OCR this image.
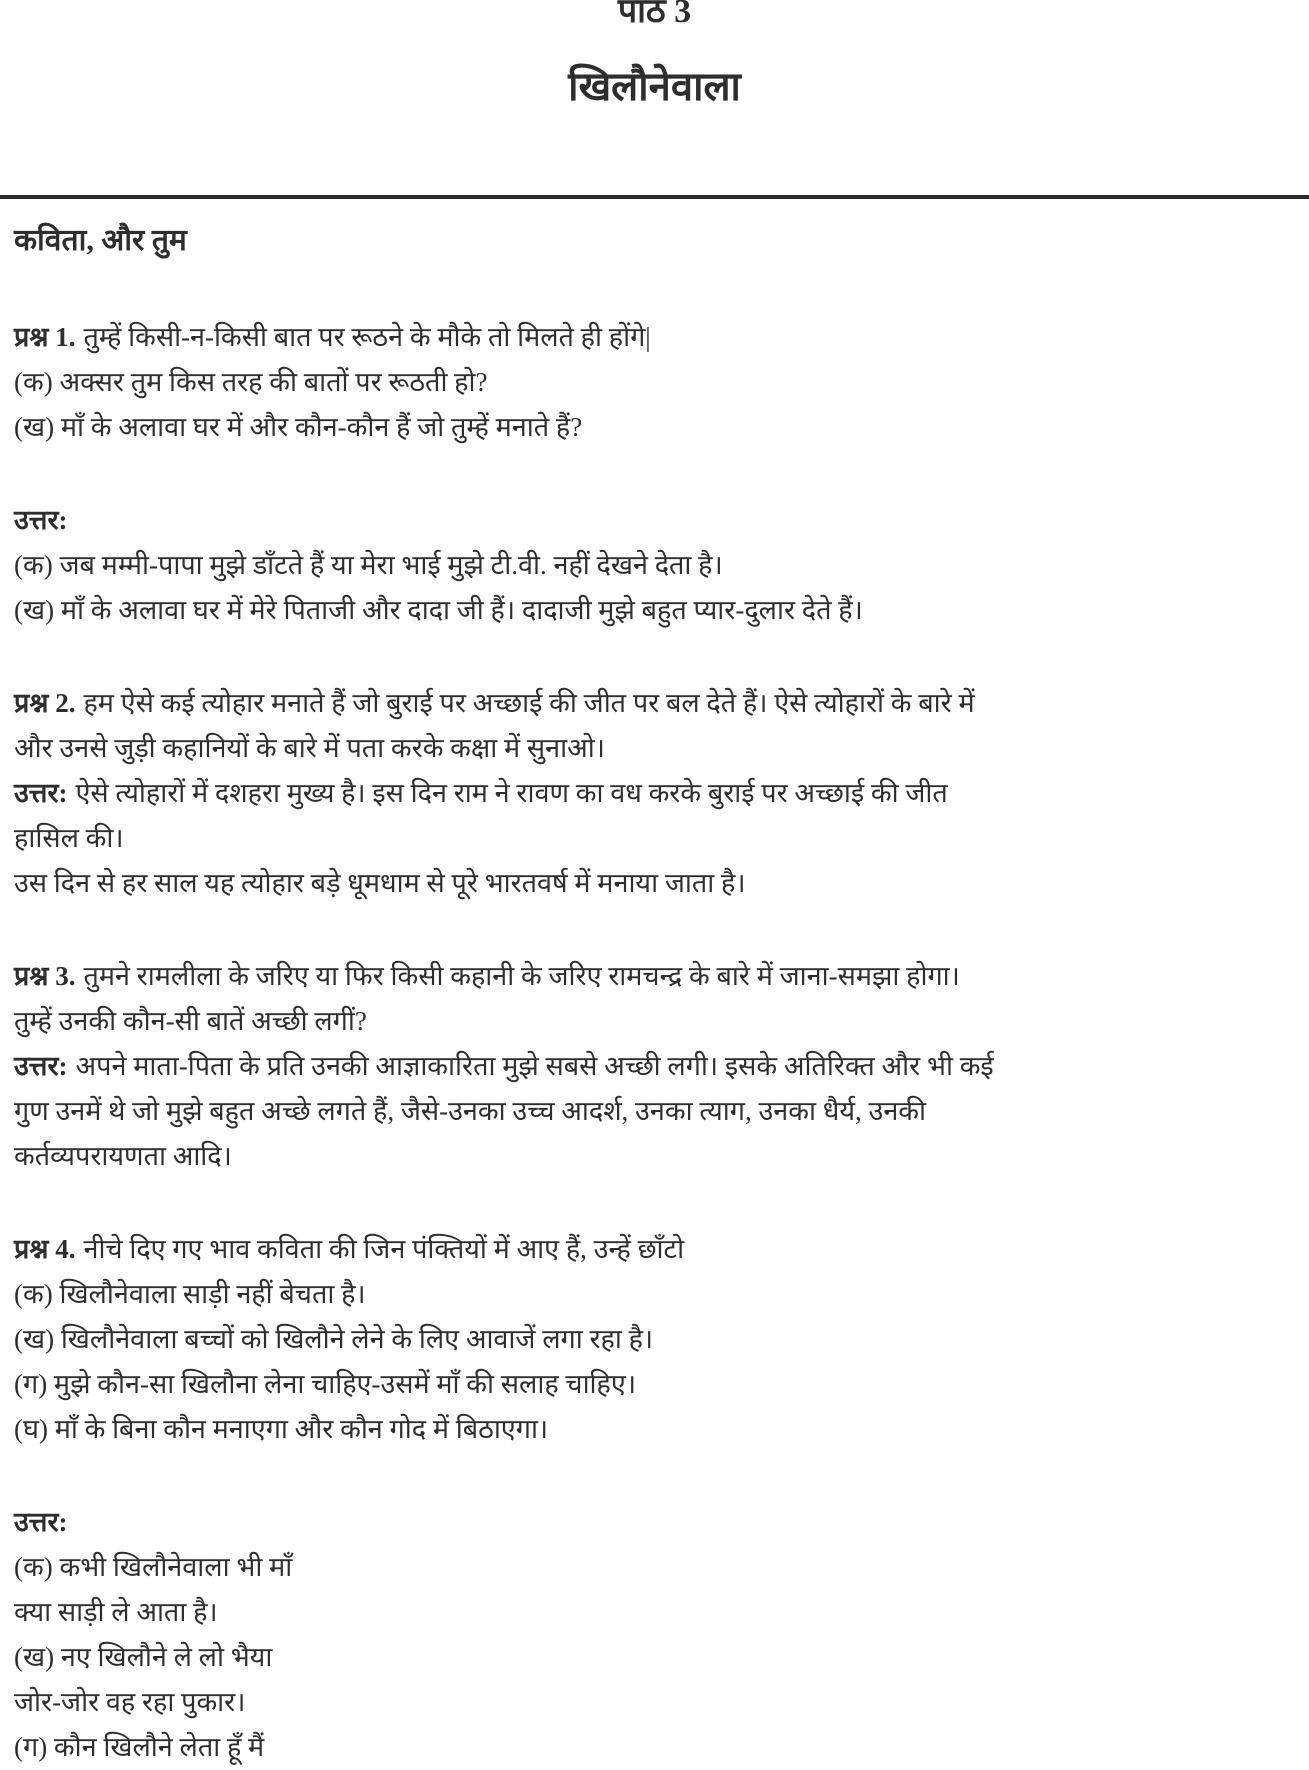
पाठ 3
खिलौनेवाला
कविता, और तुम

प्रश्न 1. तुम्हें किसी-न-किसी बात पर रूठने के मौके तो मिलते ही होंगे|

(क) अक्सर तुम किस तरह की बातों पर रूठती हो?

(ख) माँ के अलावा घर में और कौन-कौन हैं जो तुम्हें मनाते हैं?

उत्तर:

(क) जब मम्मी-पापा मुझे डाँटते हैं या मेरा भाई मुझे टी.वी. नहीं देखने देता है।

(ख) माँ के अलावा घर में मेरे पिताजी और दादा जी हैं। दादाजी मुझे बहुत प्यार-दुलार देते हैं।

प्रश्न 2. हम ऐसे कई त्योहार मनाते हैं जो बुराई पर अच्छाई की जीत पर बल देते हैं। ऐसे त्योहारों के बारे में

और उनसे जुड़ी कहानियों के बारे में पता करके कक्षा में सुनाओ।

उत्तर: ऐसे त्योहारों में दशहरा मुख्य है। इस दिन राम ने रावण का वध करके बुराई पर अच्छाई की जीत

हासिल की।

उस दिन से हर साल यह त्योहार बड़े धूमधाम से पूरे भारतवर्ष में मनाया जाता है।

प्रश्न 3. तुमने रामलीला के जरिए या फिर किसी कहानी के जरिए रामचन्द्र के बारे में जाना-समझा होगा।

तुम्हें उनकी कौन-सी बातें अच्छी लगीं?

उत्तर: अपने माता-पिता के प्रति उनकी आज्ञाकारिता मुझे सबसे अच्छी लगी। इसके अतिरिक्त और भी कई

गुण उनमें थे जो मुझे बहुत अच्छे लगते हैं, जैसे-उनका उच्च आदर्श, उनका त्याग, उनका धैर्य, उनकी

कर्तव्यपरायणता आदि।

प्रश्न 4. नीचे दिए गए भाव कविता की जिन पंक्तियों में आए हैं, उन्हें छाँटो

(क) खिलौनेवाला साड़ी नहीं बेचता है।

(ख) खिलौनेवाला बच्चों को खिलौने लेने के लिए आवाजें लगा रहा है।

(ग) मुझे कौन-सा खिलौना लेना चाहिए-उसमें माँ की सलाह चाहिए।

(घ) माँ के बिना कौन मनाएगा और कौन गोद में बिठाएगा।

उत्तर:

(क) कभी खिलौनेवाला भी माँ

क्या साड़ी ले आता है।

(ख) नए खिलौने ले लो भैया

जोर-जोर वह रहा पुकार।

(ग) कौन खिलौने लेता हूँ मैं
